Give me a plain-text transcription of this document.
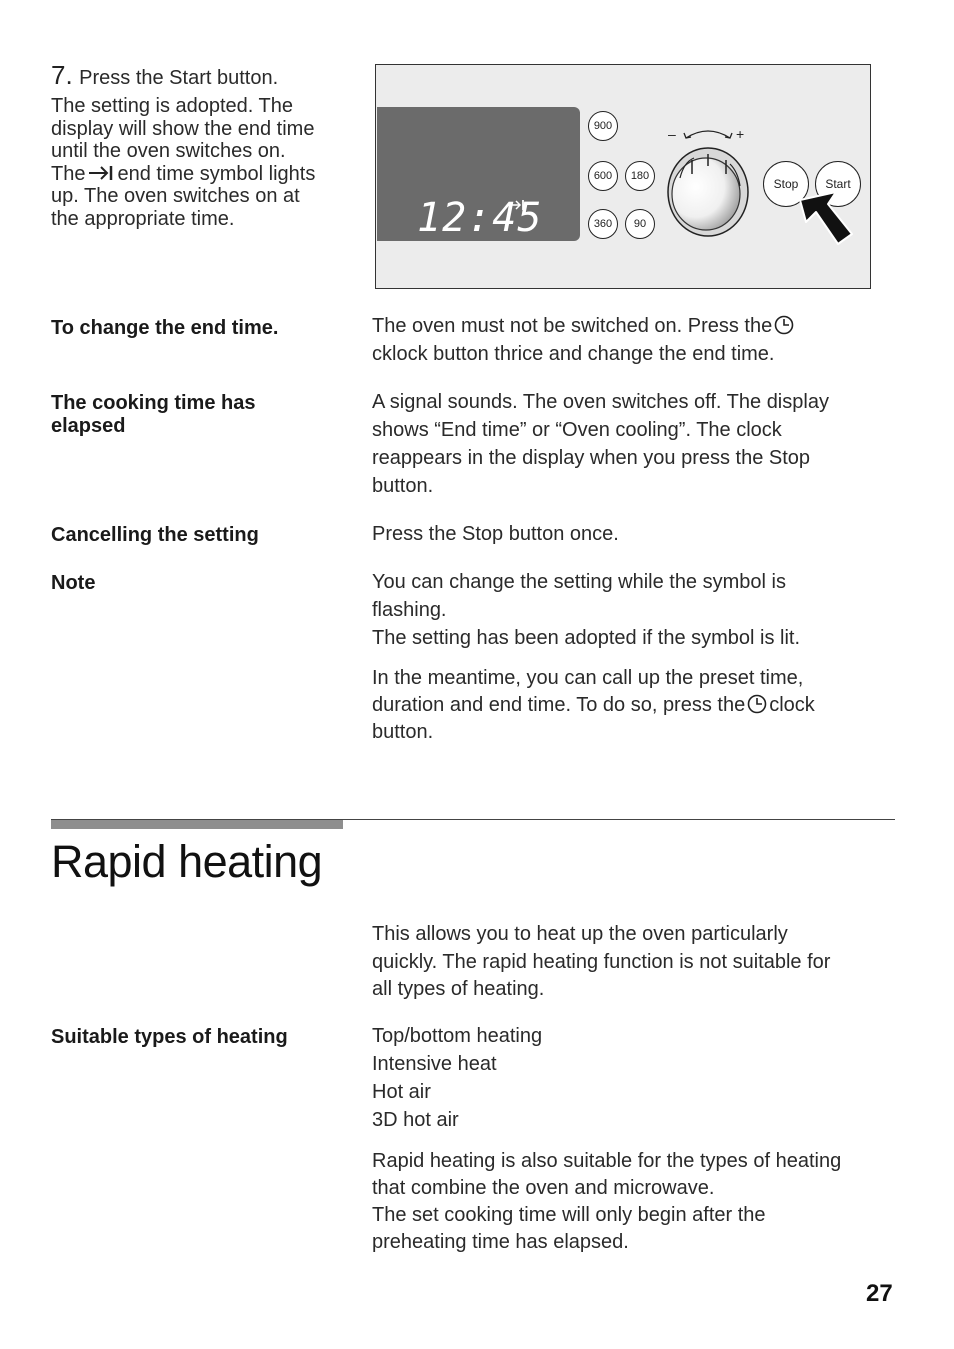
7. Press the Start button.
The setting is adopted. The
display will show the end time
until the oven switches on.
The end time symbol lights
up. The oven switches on at
the appropriate time.	12:45
900
600 180
360 90
–	+
Stop Start
To change the end time.	The oven must not be switched on. Press the
cklock button thrice and change the end time.
The cooking time has
elapsed
A signal sounds. The oven switches off. The display
shows “End time” or “Oven cooling”. The clock
reappears in the display when you press the Stop
button.
Cancelling the setting	Press the Stop button once.
Note	You can change the setting while the symbol is
flashing.
The setting has been adopted if the symbol is lit.
In the meantime, you can call up the preset time,
duration and end time. To do so, press the clock
button.
Rapid heating
This allows you to heat up the oven particularly
quickly. The rapid heating function is not suitable for
all types of heating.
Suitable types of heating	Top/bottom heating
Intensive heat
Hot air
3D hot air
Rapid heating is also suitable for the types of heating
that combine the oven and microwave.
The set cooking time will only begin after the
preheating time has elapsed.
27
